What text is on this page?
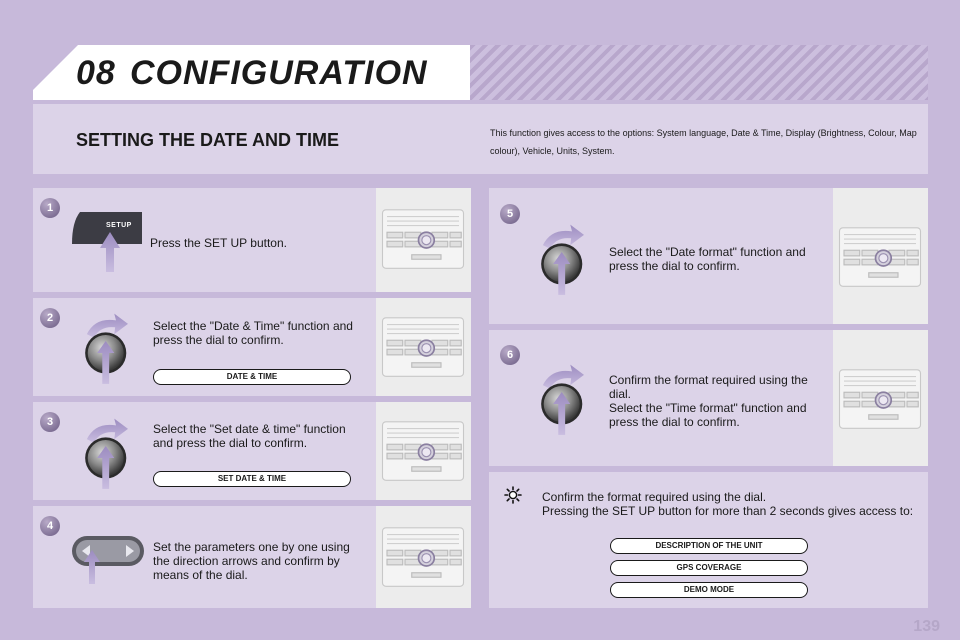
08 CONFIGURATION
SETTING THE DATE AND TIME	This function gives access to the options: System language, Date & Time, Display (Brightness, Colour, Map colour), Vehicle, Units, System.
1
SETUP
Press the SET UP button.
2
Select the "Date & Time" function and press the dial to confirm.
DATE & TIME
3	Select the "Set date & time" function and press the dial to confirm.
SET DATE & TIME
4
Set the parameters one by one using the direction arrows and confirm by means of the dial.
5
Select the "Date format" function and press the dial to confirm.
6
Confirm the format required using the dial.
Select the "Time format" function and press the dial to confirm.
Confirm the format required using the dial.
Pressing the SET UP button for more than 2 seconds gives access to:
DESCRIPTION OF THE UNIT
GPS COVERAGE
DEMO MODE
139
